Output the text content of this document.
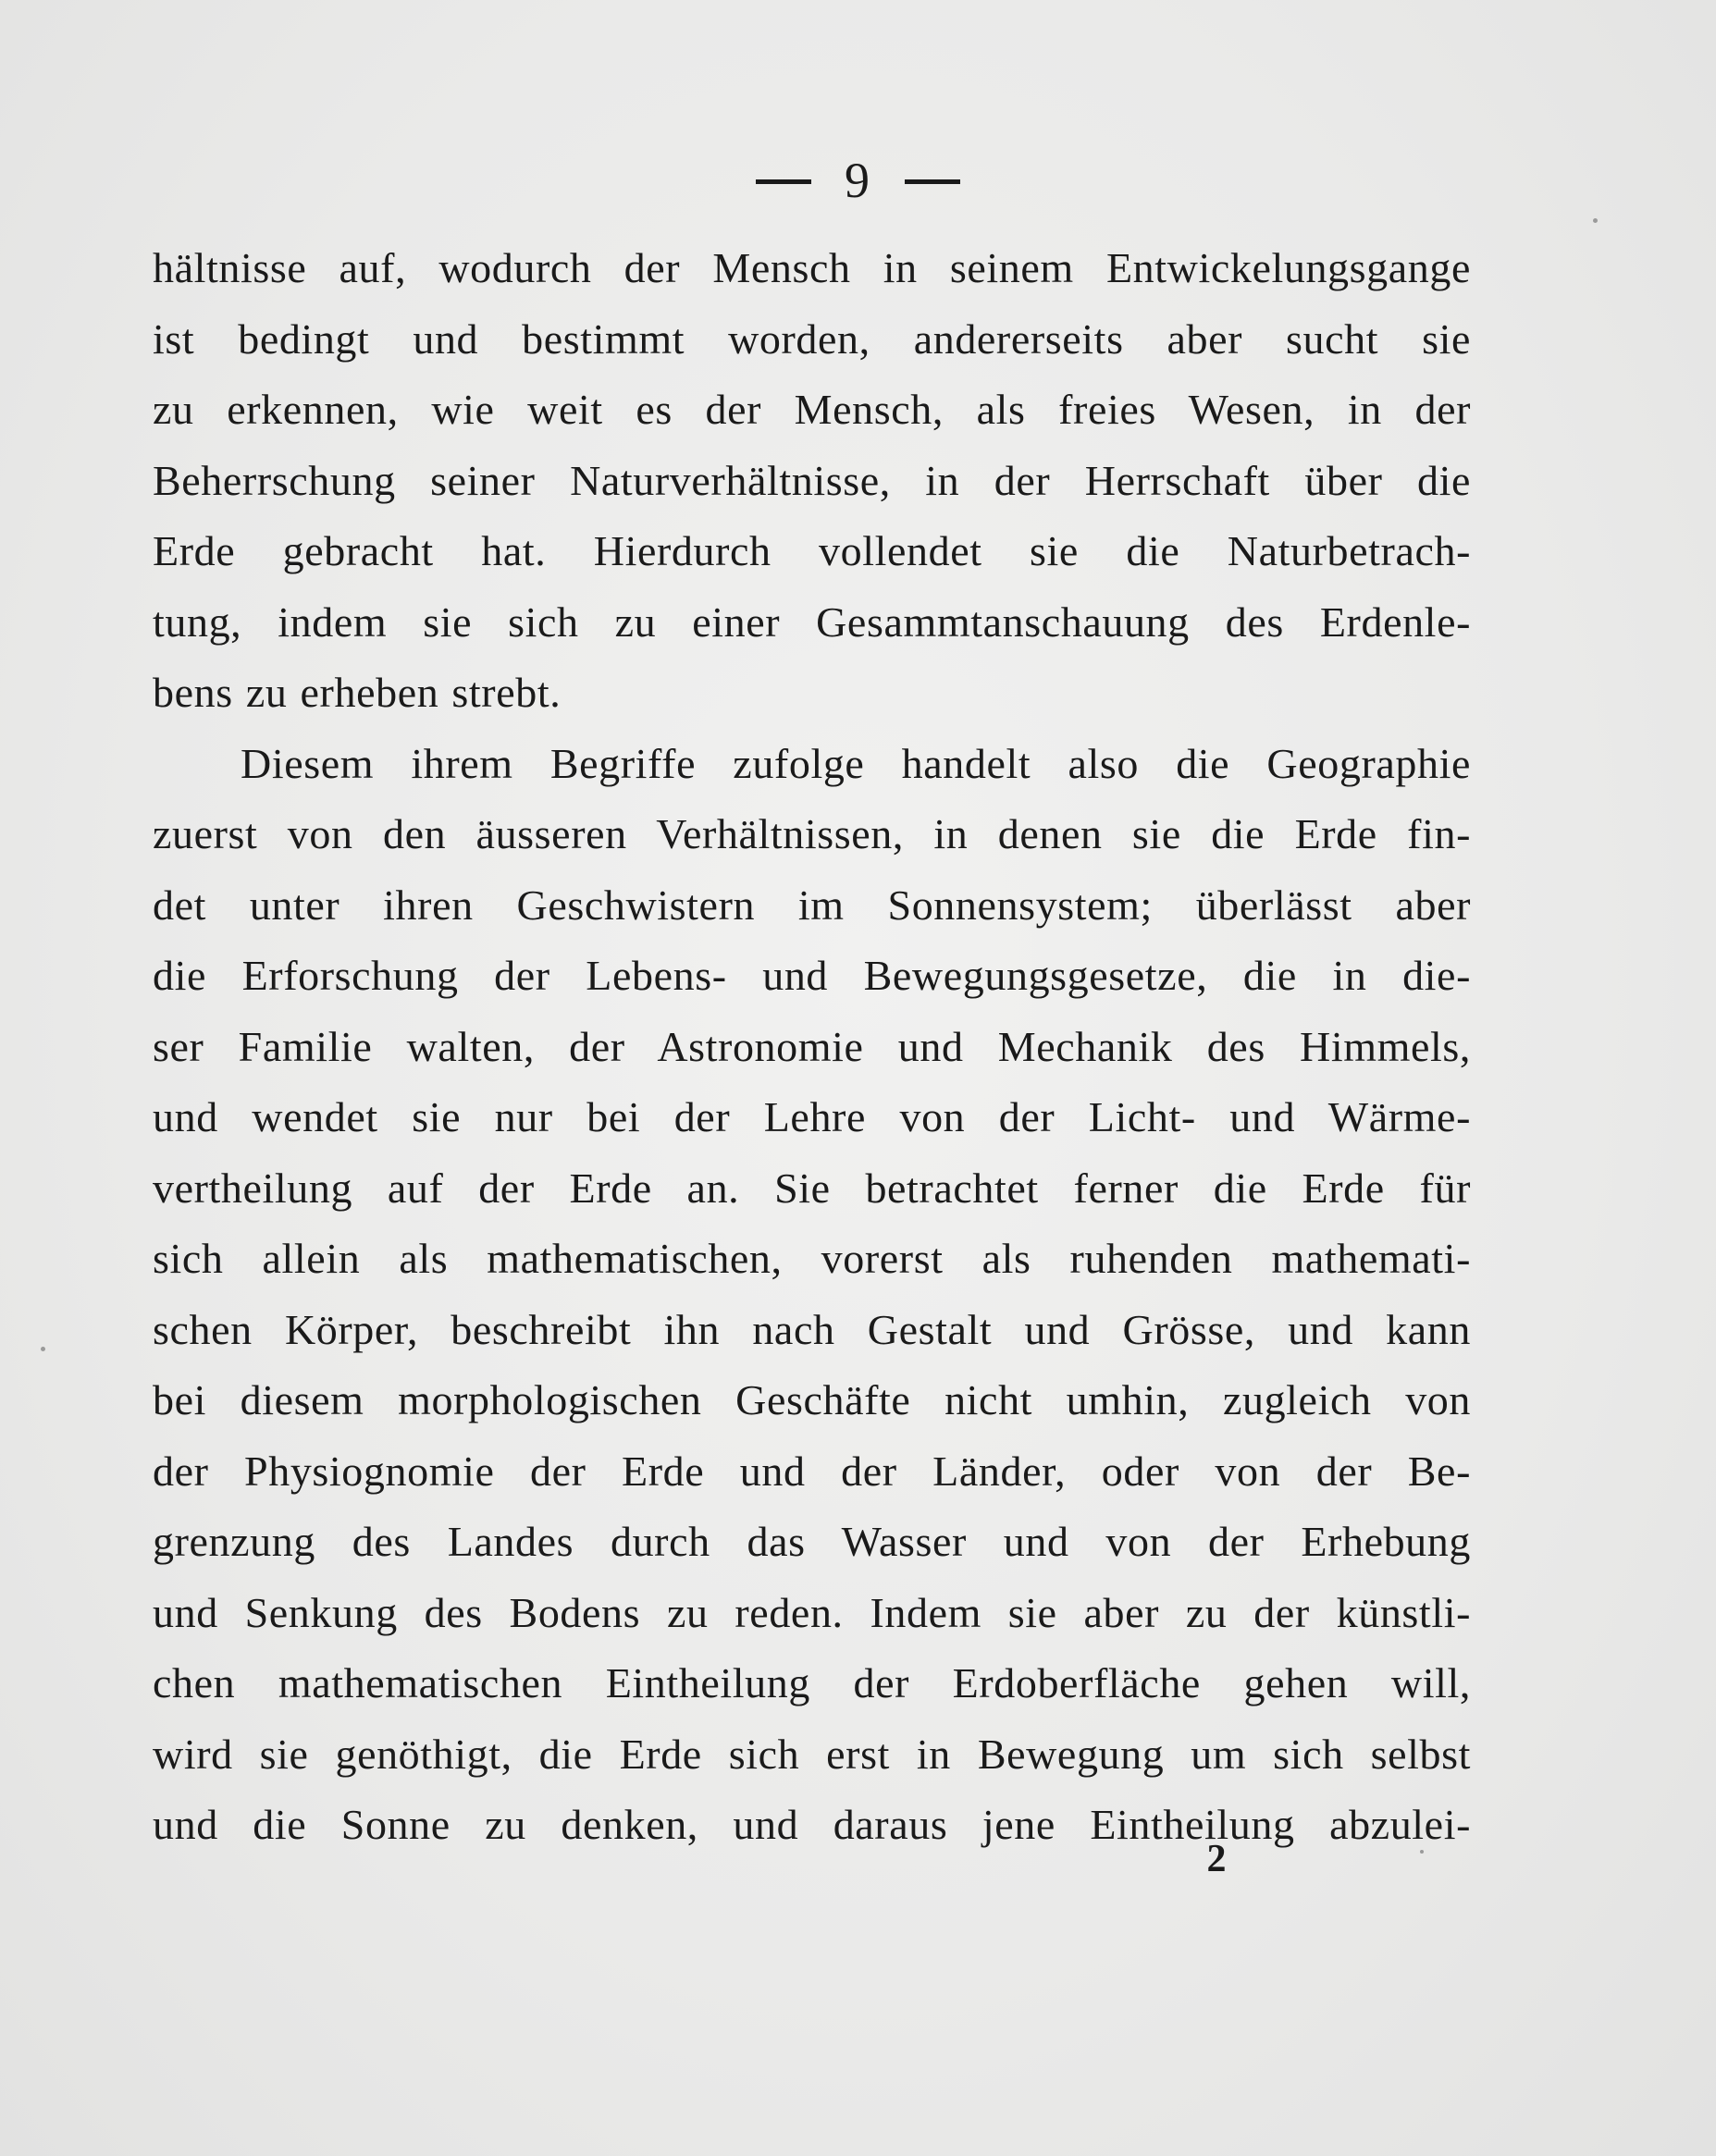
9
hältnisse auf, wodurch der Mensch in seinem Entwickelungsgange
ist bedingt und bestimmt worden, andererseits aber sucht sie
zu erkennen, wie weit es der Mensch, als freies Wesen, in der
Beherrschung seiner Naturverhältnisse, in der Herrschaft über die
Erde gebracht hat. Hierdurch vollendet sie die Naturbetrach-
tung, indem sie sich zu einer Gesammtanschauung des Erdenle-
bens zu erheben strebt.
Diesem ihrem Begriffe zufolge handelt also die Geographie
zuerst von den äusseren Verhältnissen, in denen sie die Erde fin-
det unter ihren Geschwistern im Sonnensystem; überlässt aber
die Erforschung der Lebens- und Bewegungsgesetze, die in die-
ser Familie walten, der Astronomie und Mechanik des Himmels,
und wendet sie nur bei der Lehre von der Licht- und Wärme-
vertheilung auf der Erde an. Sie betrachtet ferner die Erde für
sich allein als mathematischen, vorerst als ruhenden mathemati-
schen Körper, beschreibt ihn nach Gestalt und Grösse, und kann
bei diesem morphologischen Geschäfte nicht umhin, zugleich von
der Physiognomie der Erde und der Länder, oder von der Be-
grenzung des Landes durch das Wasser und von der Erhebung
und Senkung des Bodens zu reden. Indem sie aber zu der künstli-
chen mathematischen Eintheilung der Erdoberfläche gehen will,
wird sie genöthigt, die Erde sich erst in Bewegung um sich selbst
und die Sonne zu denken, und daraus jene Eintheilung abzulei-
2
